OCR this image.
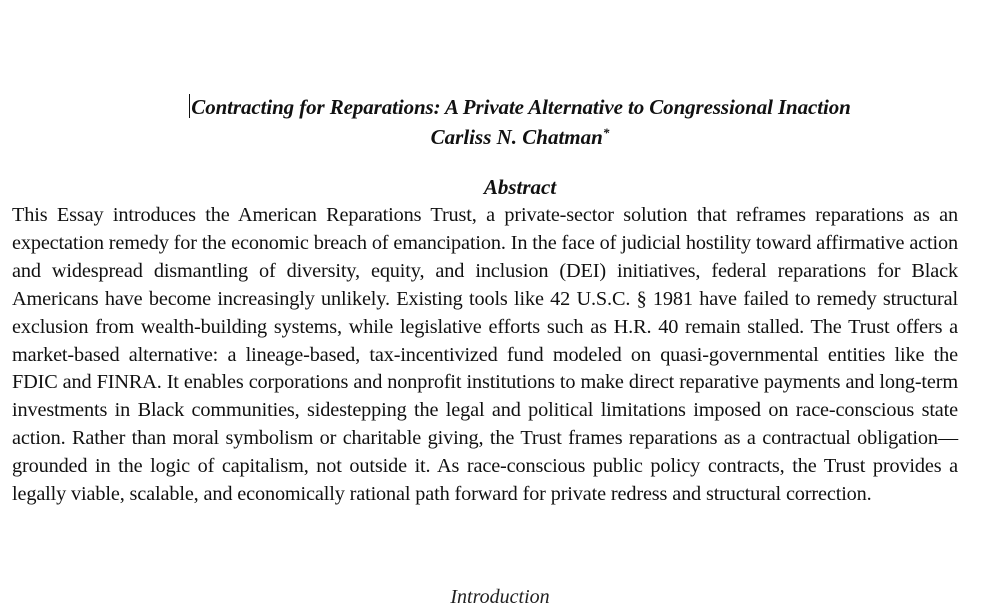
Contracting for Reparations: A Private Alternative to Congressional Inaction
Carliss N. Chatman*
Abstract
This Essay introduces the American Reparations Trust, a private-sector solution that reframes reparations as an expectation remedy for the economic breach of emancipation. In the face of judicial hostility toward affirmative action and widespread dismantling of diversity, equity, and inclusion (DEI) initiatives, federal reparations for Black Americans have become increasingly unlikely. Existing tools like 42 U.S.C. § 1981 have failed to remedy structural exclusion from wealth-building systems, while legislative efforts such as H.R. 40 remain stalled. The Trust offers a market-based alternative: a lineage-based, tax-incentivized fund modeled on quasi-governmental entities like the FDIC and FINRA. It enables corporations and nonprofit institutions to make direct reparative payments and long-term investments in Black communities, sidestepping the legal and political limitations imposed on race-conscious state action. Rather than moral symbolism or charitable giving, the Trust frames reparations as a contractual obligation—grounded in the logic of capitalism, not outside it. As race-conscious public policy contracts, the Trust provides a legally viable, scalable, and economically rational path forward for private redress and structural correction.
Introduction
